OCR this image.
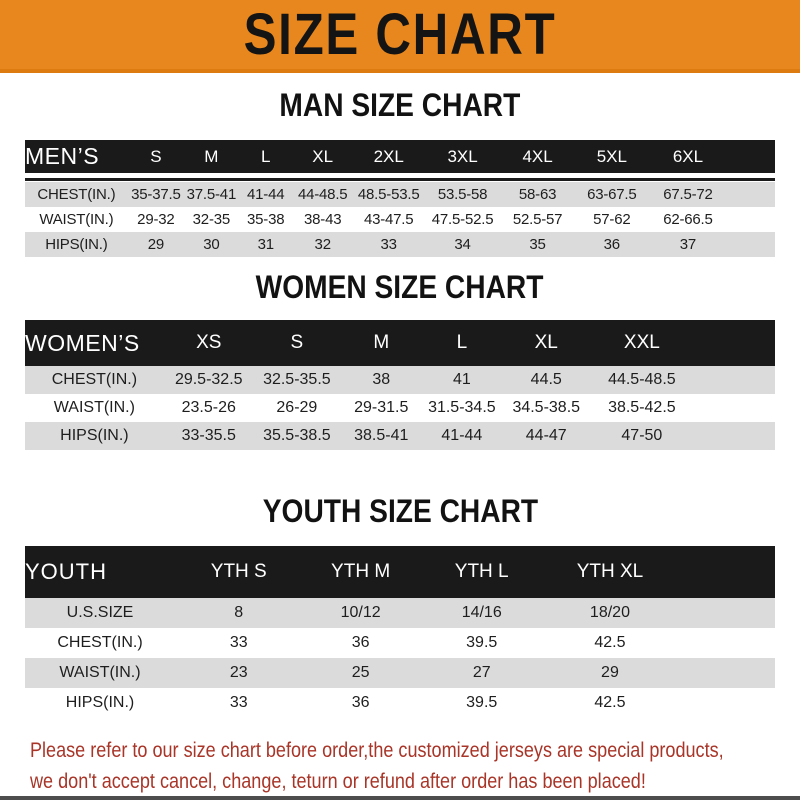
SIZE CHART
MAN SIZE CHART
MEN’S	S	M	L	XL	2XL	3XL	4XL	5XL	6XL	

CHEST(IN.)	35-37.5	37.5-41	41-44	44-48.5	48.5-53.5	53.5-58	58-63	63-67.5	67.5-72	
WAIST(IN.)	29-32	32-35	35-38	38-43	43-47.5	47.5-52.5	52.5-57	57-62	62-66.5	
HIPS(IN.)	29	30	31	32	33	34	35	36	37	
WOMEN SIZE CHART
WOMEN’S	XS	S	M	L	XL	XXL	
CHEST(IN.)	29.5-32.5	32.5-35.5	38	41	44.5	44.5-48.5	
WAIST(IN.)	23.5-26	26-29	29-31.5	31.5-34.5	34.5-38.5	38.5-42.5	
HIPS(IN.)	33-35.5	35.5-38.5	38.5-41	41-44	44-47	47-50	
YOUTH SIZE CHART
YOUTH	YTH S	YTH M	YTH L	YTH XL	
U.S.SIZE	8	10/12	14/16	18/20	
CHEST(IN.)	33	36	39.5	42.5	
WAIST(IN.)	23	25	27	29	
HIPS(IN.)	33	36	39.5	42.5	

Please refer to our size chart before order,the customized jerseys are special products,

we don't accept cancel, change, teturn or refund after order has been placed!
